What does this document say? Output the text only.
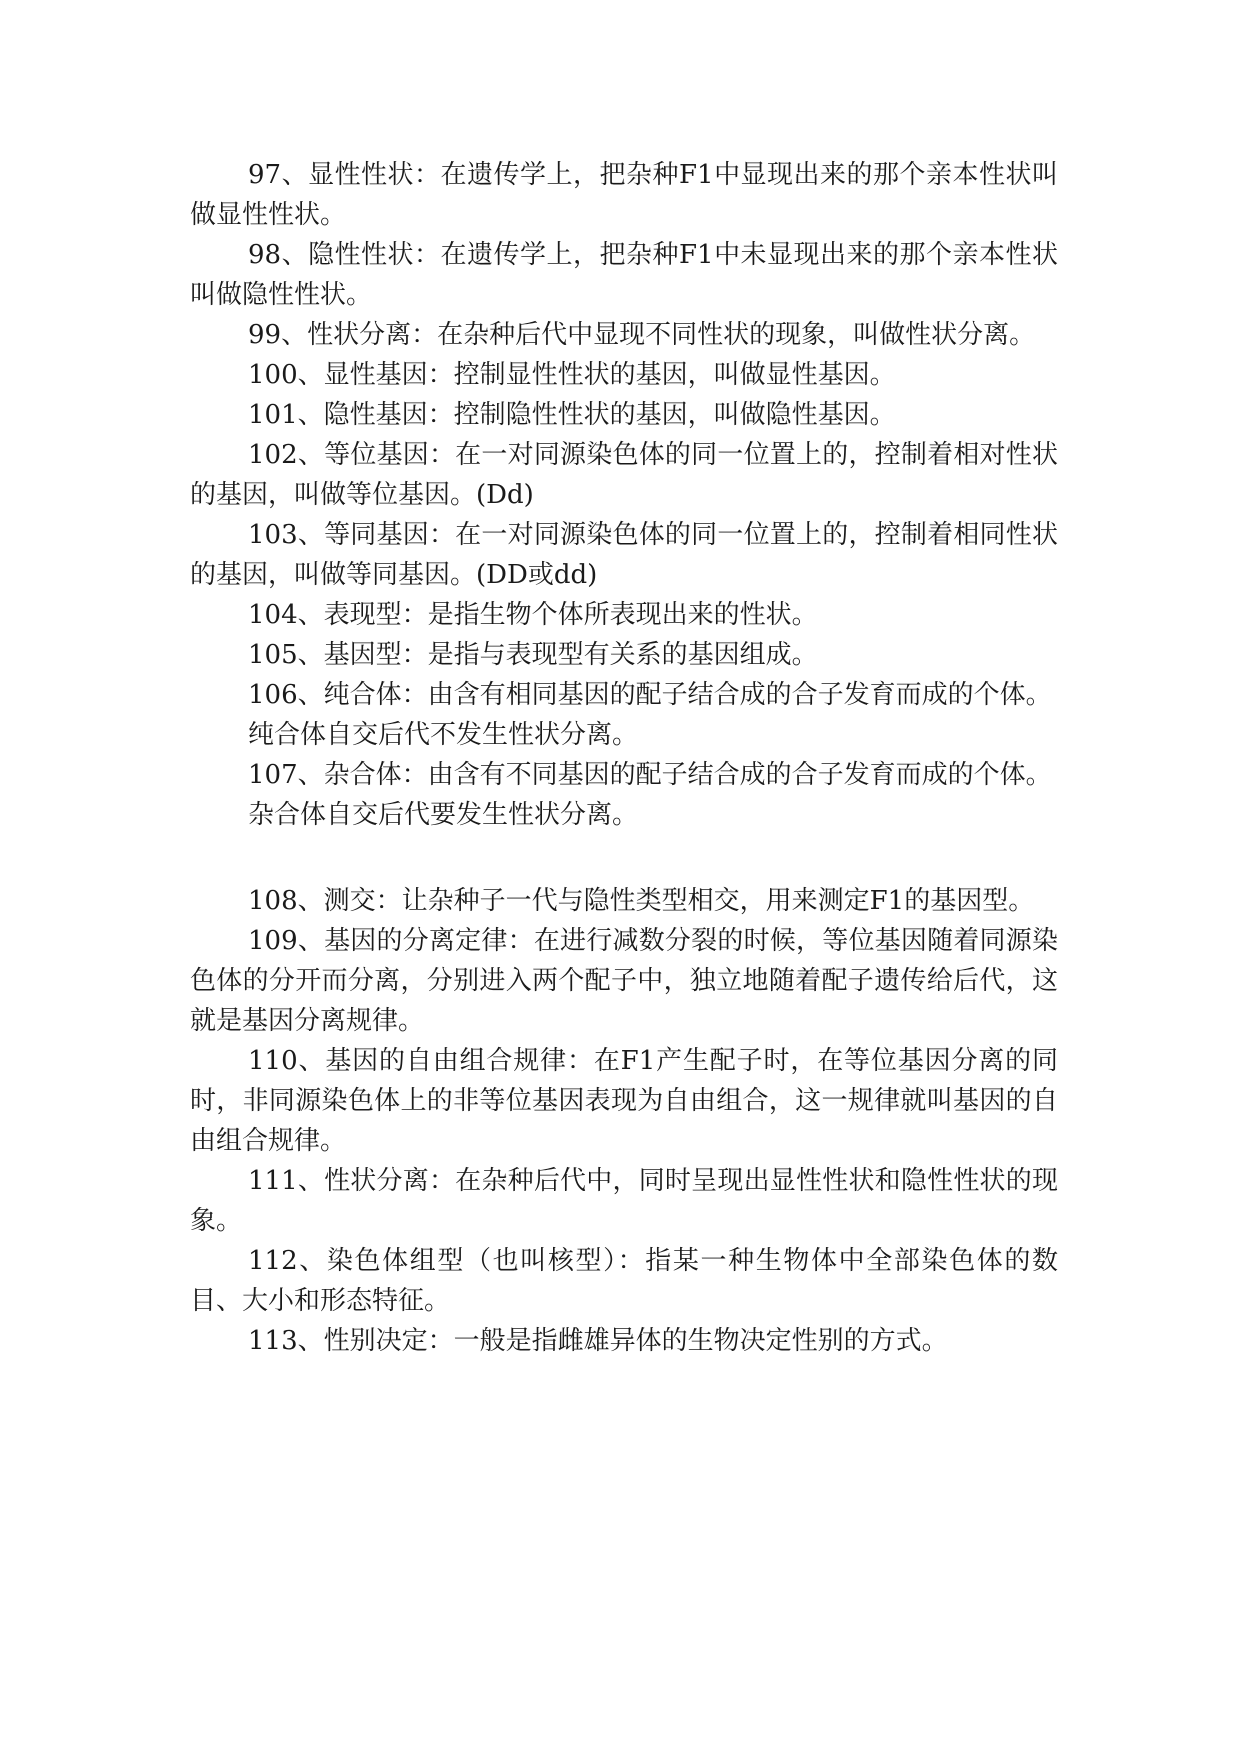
97、显性性状：在遗传学上，把杂种F1中显现出来的那个亲本性状叫做显性性状。

98、隐性性状：在遗传学上，把杂种F1中未显现出来的那个亲本性状叫做隐性性状。

99、性状分离：在杂种后代中显现不同性状的现象，叫做性状分离。

100、显性基因：控制显性性状的基因，叫做显性基因。

101、隐性基因：控制隐性性状的基因，叫做隐性基因。

102、等位基因：在一对同源染色体的同一位置上的，控制着相对性状的基因，叫做等位基因。(Dd)

103、等同基因：在一对同源染色体的同一位置上的，控制着相同性状的基因，叫做等同基因。(DD或dd)

104、表现型：是指生物个体所表现出来的性状。

105、基因型：是指与表现型有关系的基因组成。

106、纯合体：由含有相同基因的配子结合成的合子发育而成的个体。

纯合体自交后代不发生性状分离。

107、杂合体：由含有不同基因的配子结合成的合子发育而成的个体。

杂合体自交后代要发生性状分离。

108、测交：让杂种子一代与隐性类型相交，用来测定F1的基因型。

109、基因的分离定律：在进行减数分裂的时候，等位基因随着同源染色体的分开而分离，分别进入两个配子中，独立地随着配子遗传给后代，这就是基因分离规律。

110、基因的自由组合规律：在F1产生配子时，在等位基因分离的同时，非同源染色体上的非等位基因表现为自由组合，这一规律就叫基因的自由组合规律。

111、性状分离：在杂种后代中，同时呈现出显性性状和隐性性状的现象。

112、染色体组型（也叫核型）：指某一种生物体中全部染色体的数目、大小和形态特征。

113、性别决定：一般是指雌雄异体的生物决定性别的方式。
